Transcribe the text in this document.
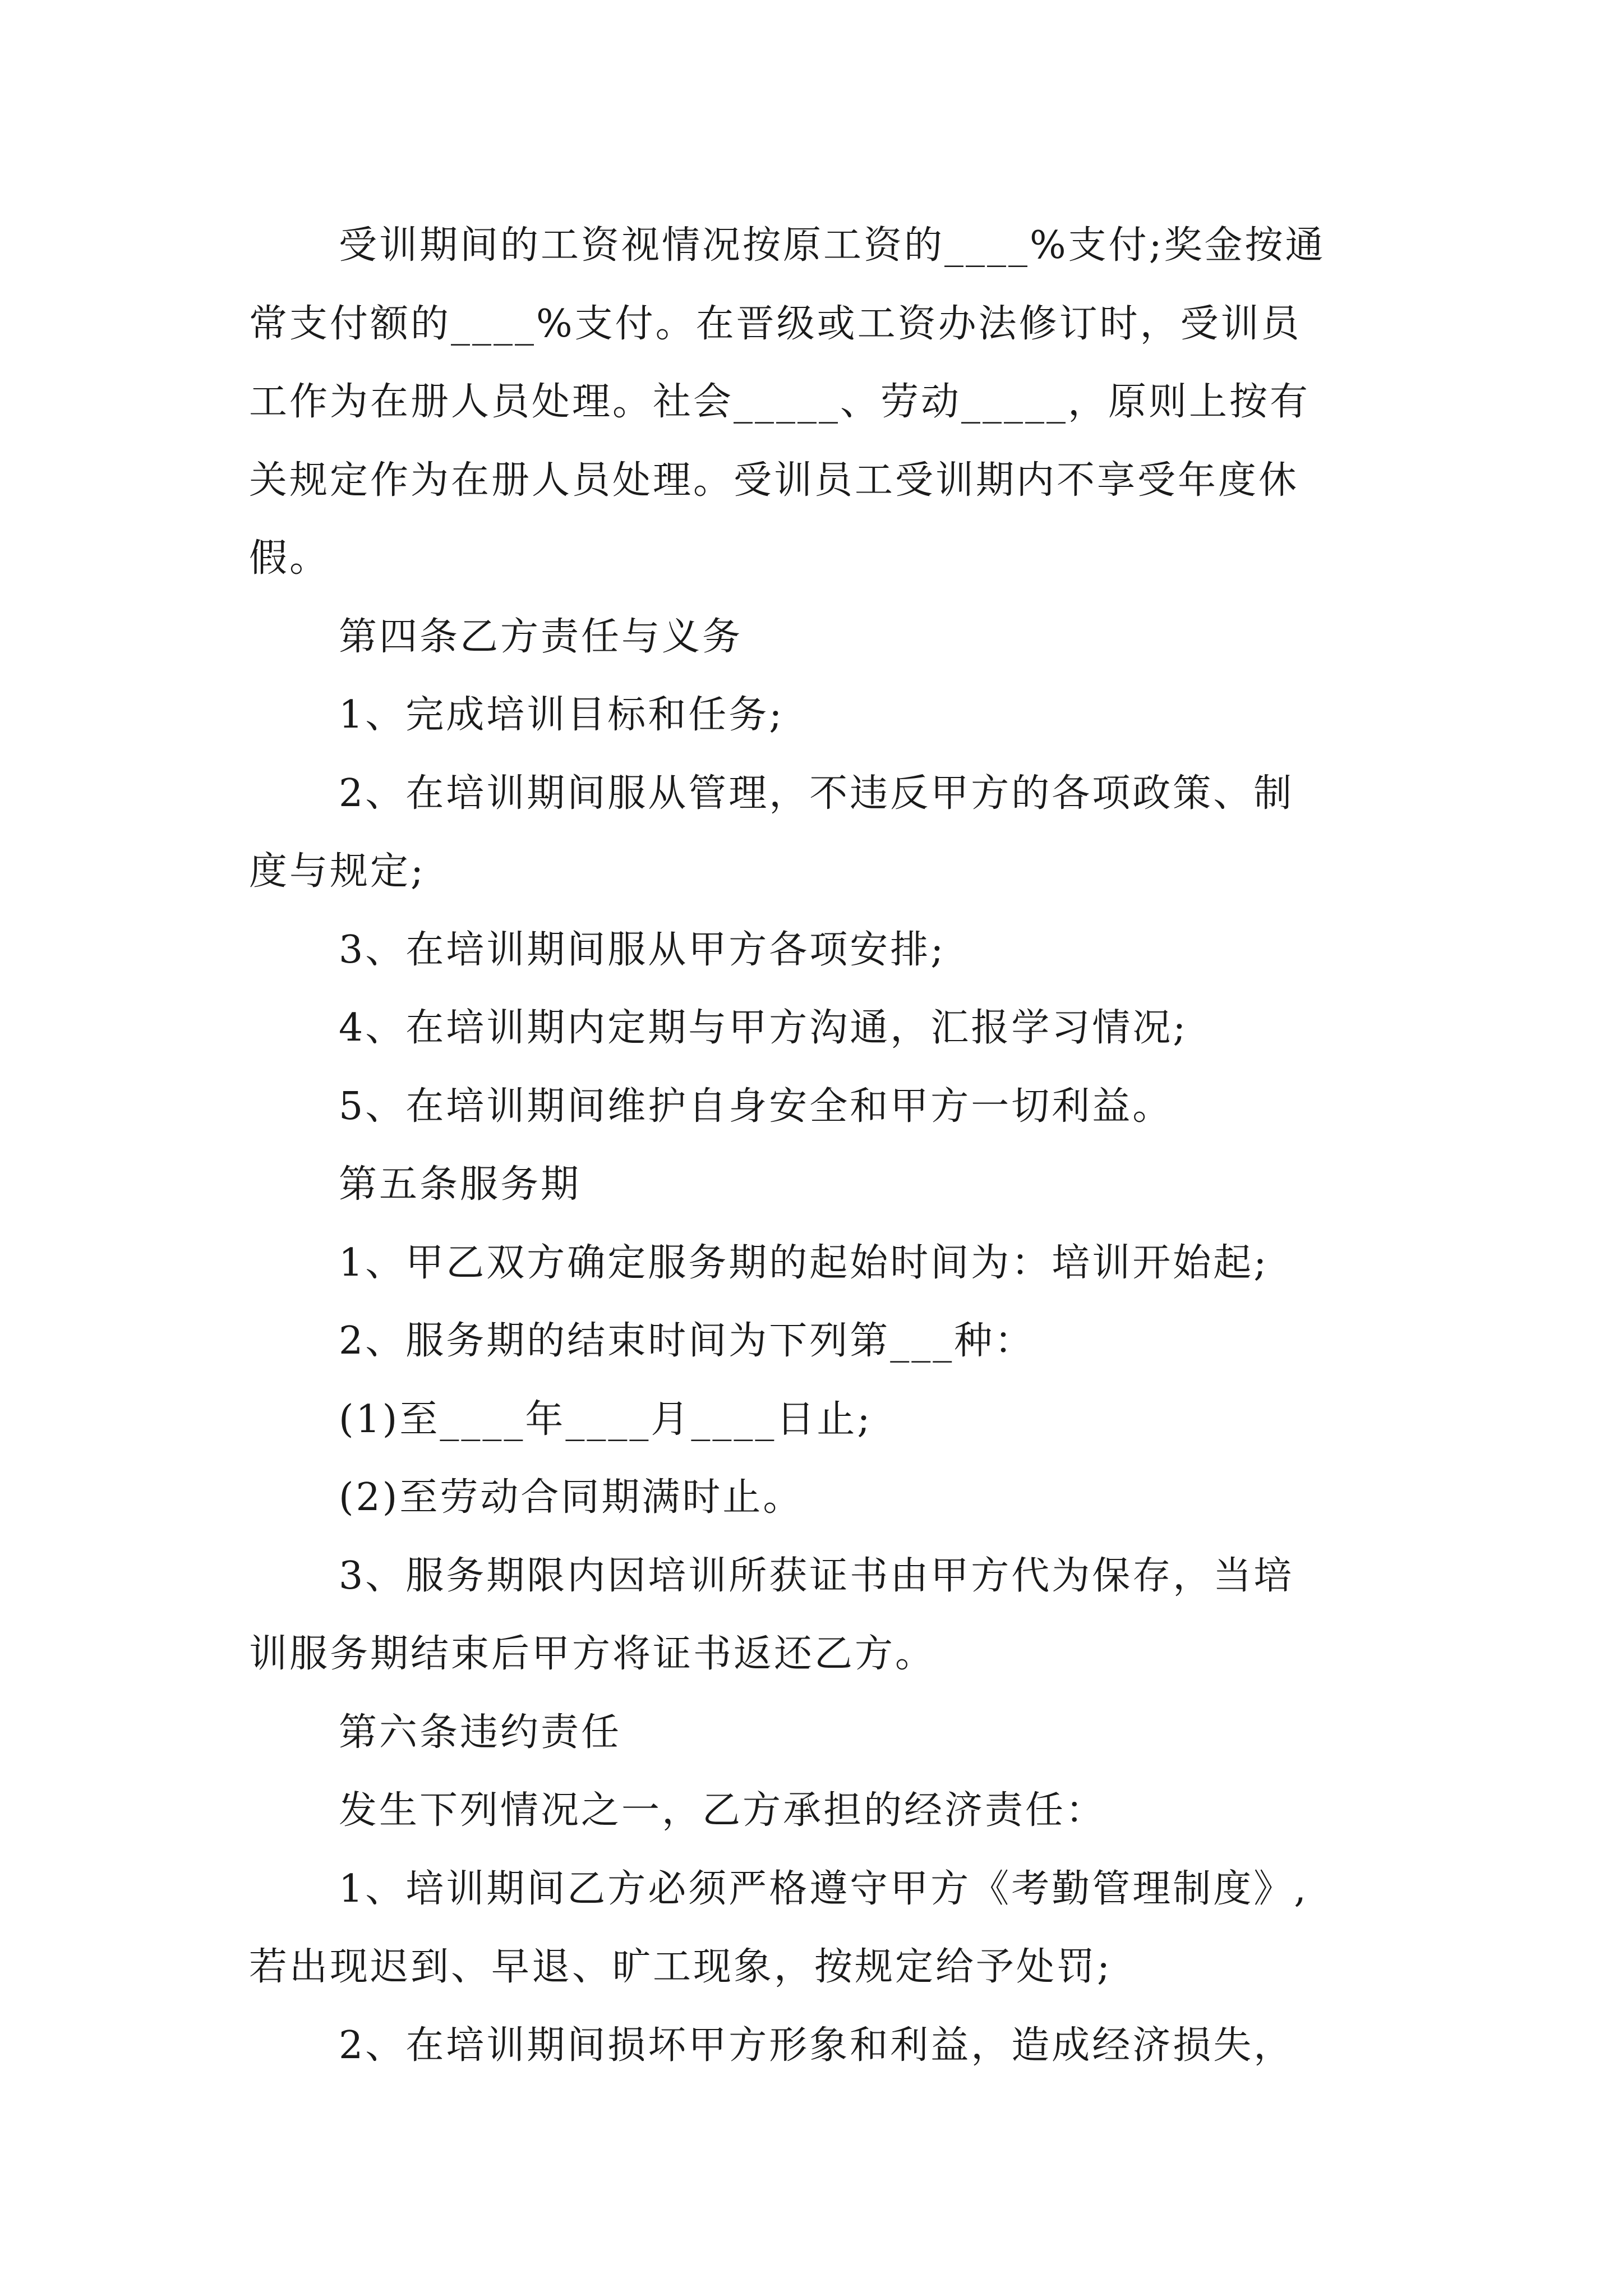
受训期间的工资视情况按原工资的____%支付;奖金按通
常支付额的____%支付。在晋级或工资办法修订时，受训员
工作为在册人员处理。社会_____、劳动_____，原则上按有
关规定作为在册人员处理。受训员工受训期内不享受年度休
假。
第四条乙方责任与义务
1、完成培训目标和任务;
2、在培训期间服从管理，不违反甲方的各项政策、制
度与规定;
3、在培训期间服从甲方各项安排;
4、在培训期内定期与甲方沟通，汇报学习情况;
5、在培训期间维护自身安全和甲方一切利益。
第五条服务期
1、甲乙双方确定服务期的起始时间为：培训开始起;
2、服务期的结束时间为下列第___种：
(1)至____年____月____日止;
(2)至劳动合同期满时止。
3、服务期限内因培训所获证书由甲方代为保存，当培
训服务期结束后甲方将证书返还乙方。
第六条违约责任
发生下列情况之一，乙方承担的经济责任：
1、培训期间乙方必须严格遵守甲方《考勤管理制度》,
若出现迟到、早退、旷工现象，按规定给予处罚;
2、在培训期间损坏甲方形象和利益，造成经济损失，
